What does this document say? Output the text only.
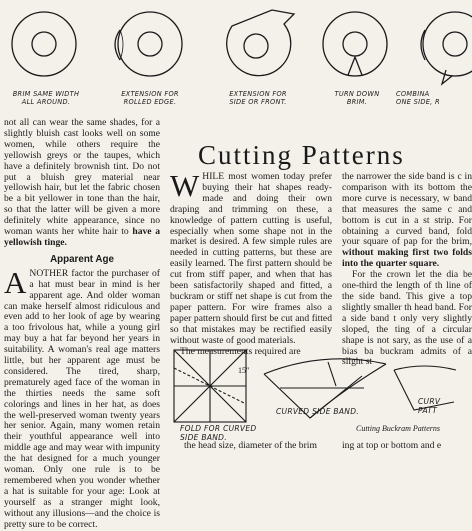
BRIM SAME WIDTH
ALL AROUND.
EXTENSION FOR
ROLLED EDGE.
EXTENSION FOR
SIDE OR FRONT.
TURN DOWN
BRIM.
COMBINA
ONE SIDE, R
Cutting Patterns

not all can wear the same shades, for a slightly bluish cast looks well on some women, while others require the yellowish greys or the taupes, which have a definitely brownish tint. Do not put a bluish grey material near yellowish hair, but let the fabric chosen be a bit yellower in tone than the hair, so that the latter will be given a more definitely white appearance, since no woman wants her white hair to have a yellowish tinge.

Apparent Age

ANOTHER factor the purchaser of a hat must bear in mind is her apparent age. And older woman can make herself almost ridiculous and even add to her look of age by wearing a too frivolous hat, while a young girl may buy a hat far beyond her years in suitability. A woman's real age matters little, but her apparent age must be considered. The tired, sharp, prematurely aged face of the woman in the thirties needs the same soft colorings and lines in her hat, as does the well-preserved woman twenty years her senior. Again, many women retain their youthful appearance well into middle age and may wear with impunity the hat designed for a much younger woman. Only one rule is to be remembered when you wonder whether a hat is suitable for your age: Look at yourself as a stranger might look, without any illusions—and the choice is pretty sure to be correct.

WHILE most women today prefer buying their hat shapes ready-made and doing their own draping and trimming on these, a knowledge of pattern cutting is useful, especially when some shape not in the market is desired. A few simple rules are needed in cutting patterns, but these are easily learned. The first pattern should be cut from stiff paper, and when that has been satisfactorily shaped and fitted, a buckram or stiff net shape is cut from the paper pattern. For wire frames also a paper pattern should first be cut and fitted so that mistakes may be rectified easily without waste of good materials.

The measurements required are

the narrower the side band is c in comparison with its bottom the more curve is necessary, w band that measures the same c and bottom is cut in a st strip. For obtaining a curved band, fold your square of pap for the brim, without making first two folds into the quarter square.

For the crown let the dia be one-third the length of th line of the side band. This give a top slightly smaller th head band. For a side band t only very slightly sloped, the ting of a circular shape is not sary, as the use of a bias ba buckram admits of a slight st

15"
FOLD FOR CURVED
SIDE BAND.
CURVED SIDE BAND.
CURV
PATT
Cutting Buckram Patterns
the head size, diameter of the brim	ing at top or bottom and e
